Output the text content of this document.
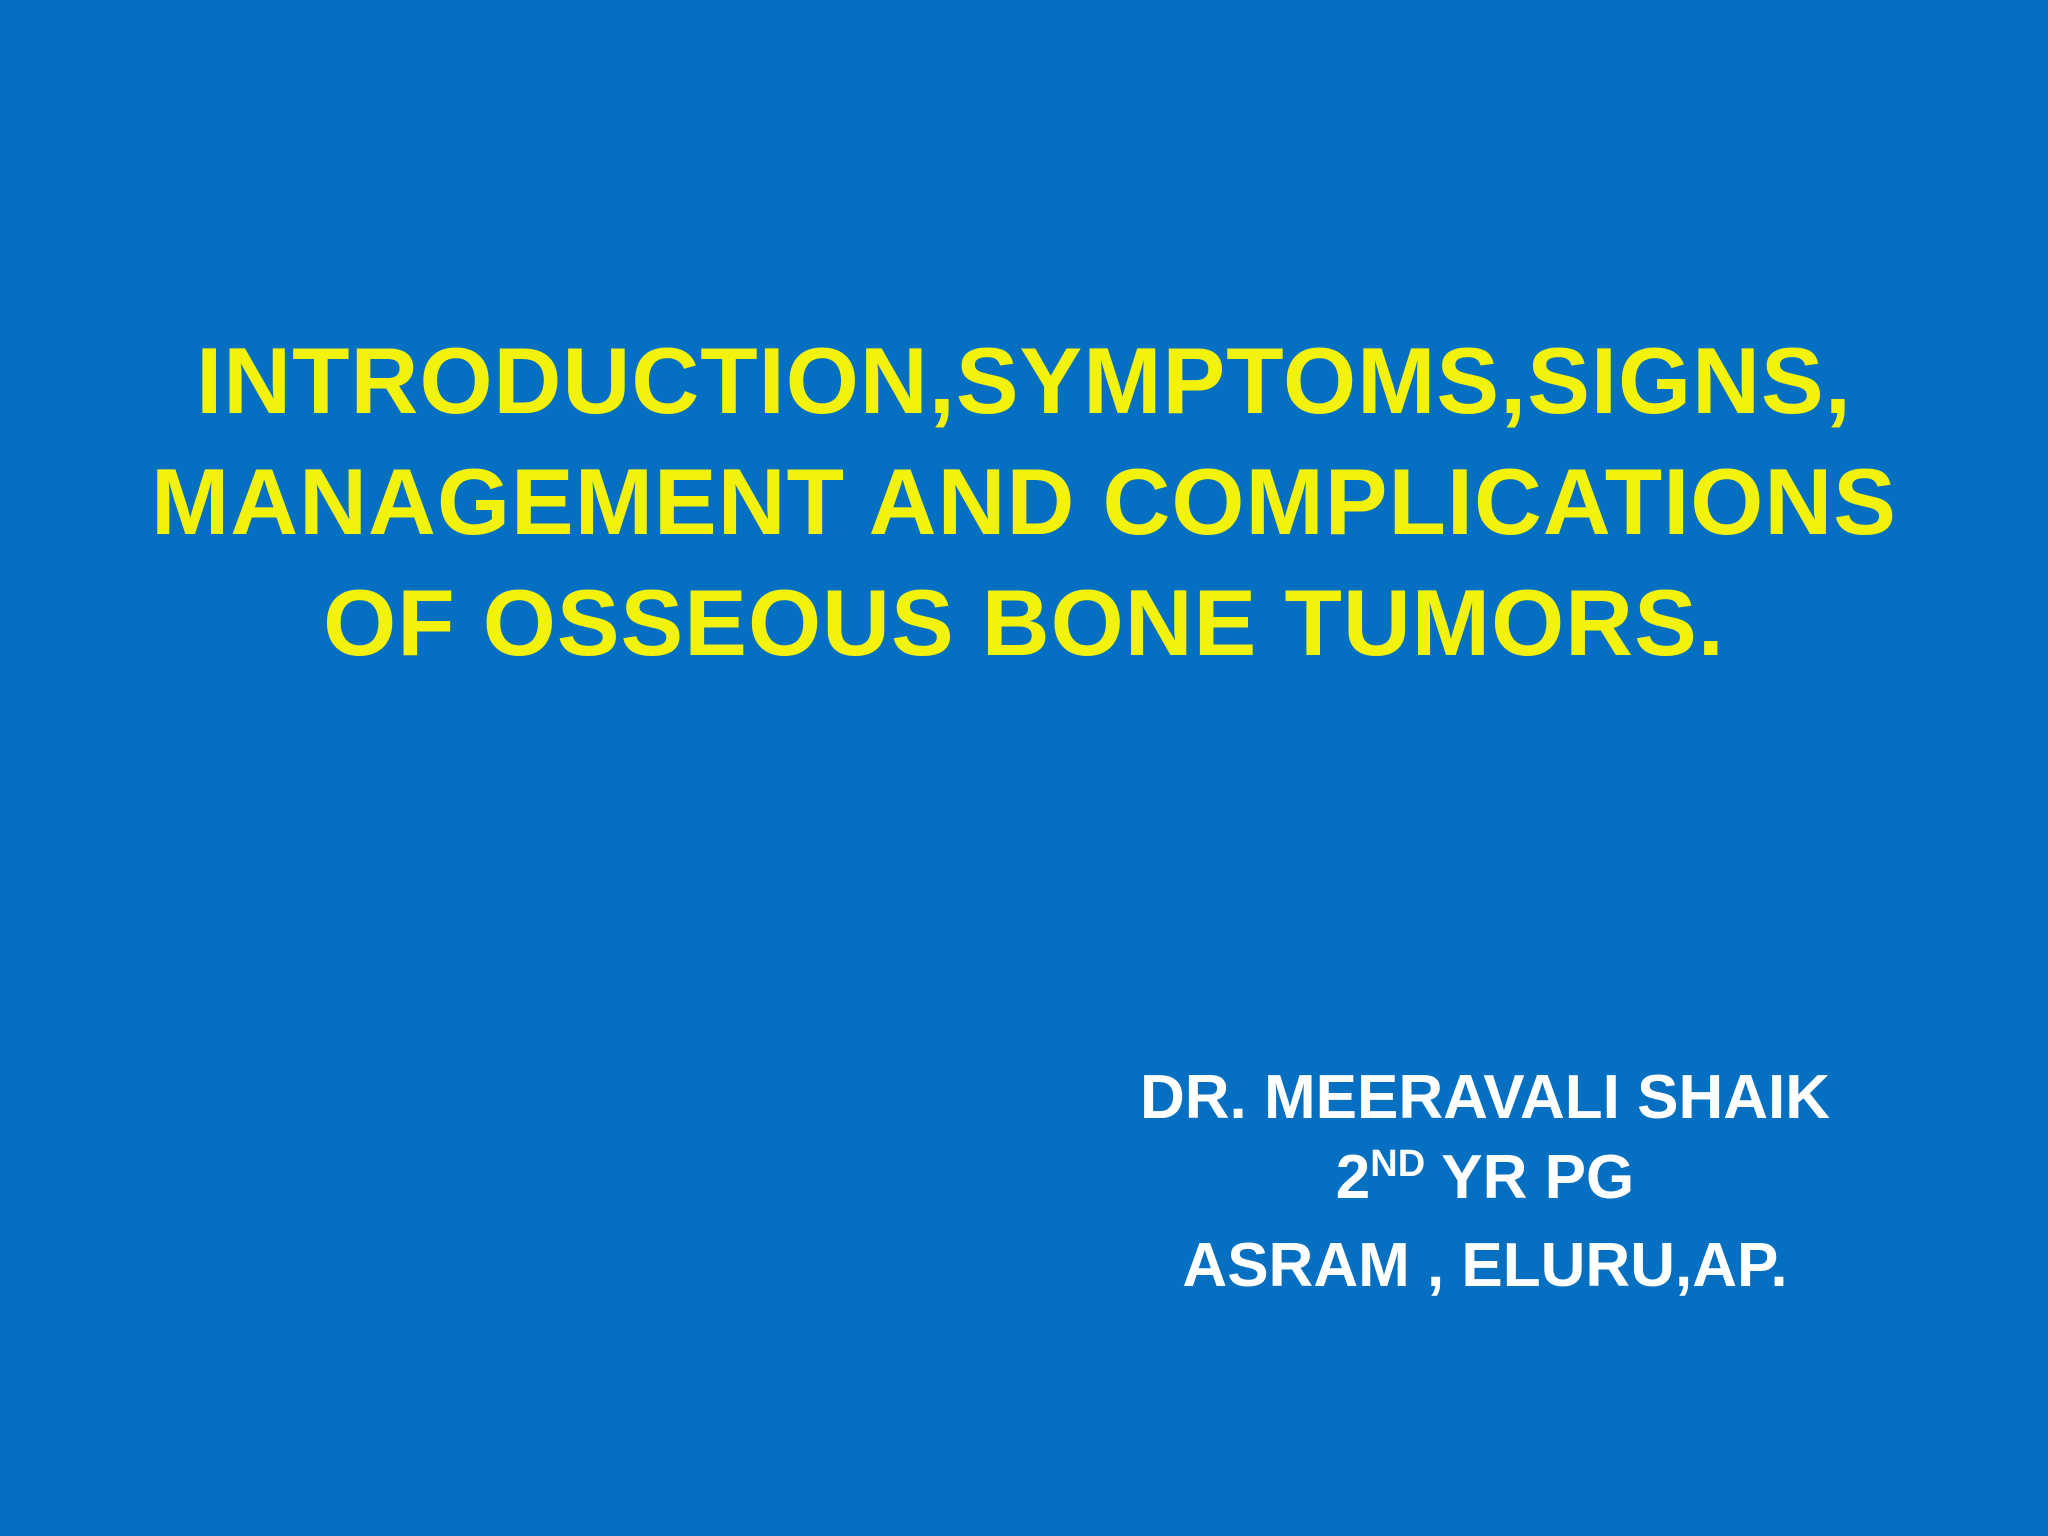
INTRODUCTION,SYMPTOMS,SIGNS,
MANAGEMENT AND COMPLICATIONS
OF OSSEOUS BONE TUMORS.
DR. MEERAVALI SHAIK
2ND YR PG
ASRAM , ELURU,AP.
